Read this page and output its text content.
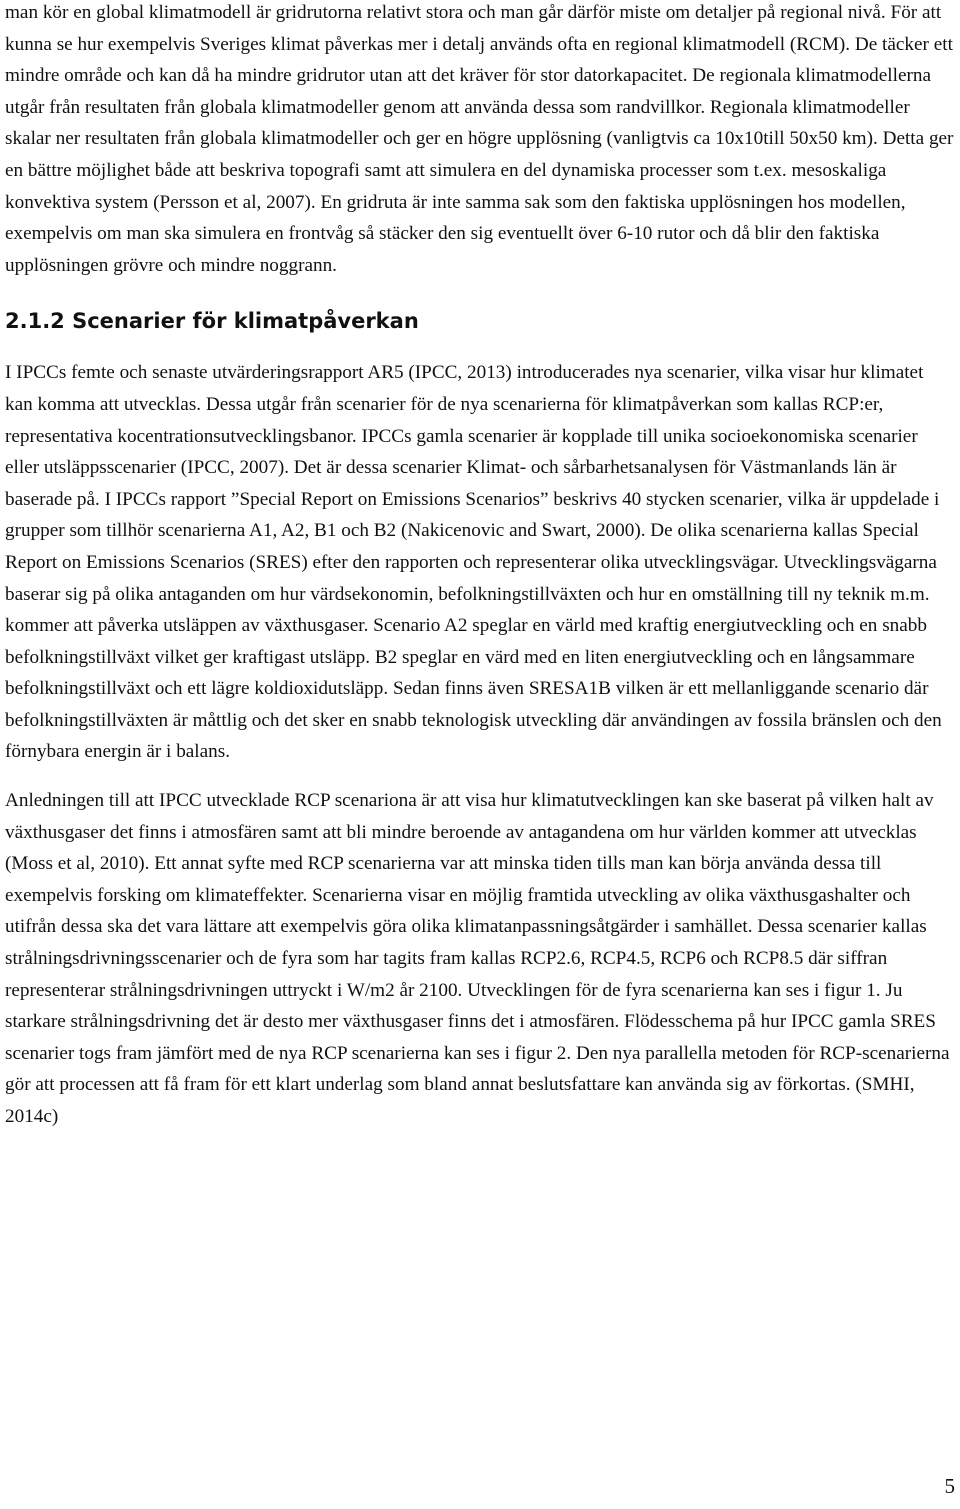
man kör en global klimatmodell är gridrutorna relativt stora och man går därför miste om detaljer på regional nivå. För att kunna se hur exempelvis Sveriges klimat påverkas mer i detalj används ofta en regional klimatmodell (RCM). De täcker ett mindre område och kan då ha mindre gridrutor utan att det kräver för stor datorkapacitet. De regionala klimatmodellerna utgår från resultaten från globala klimatmodeller genom att använda dessa som randvillkor. Regionala klimatmodeller skalar ner resultaten från globala klimatmodeller och ger en högre upplösning (vanligtvis ca 10x10till 50x50 km). Detta ger en bättre möjlighet både att beskriva topografi samt att simulera en del dynamiska processer som t.ex. mesoskaliga konvektiva system (Persson et al, 2007). En gridruta är inte samma sak som den faktiska upplösningen hos modellen, exempelvis om man ska simulera en frontvåg så stäcker den sig eventuellt över 6-10 rutor och då blir den faktiska upplösningen grövre och mindre noggrann.

2.1.2 Scenarier för klimatpåverkan

I IPCCs femte och senaste utvärderingsrapport AR5 (IPCC, 2013) introducerades nya scenarier, vilka visar hur klimatet kan komma att utvecklas. Dessa utgår från scenarier för de nya scenarierna för klimatpåverkan som kallas RCP:er, representativa kocentrationsutvecklingsbanor. IPCCs gamla scenarier är kopplade till unika socioekonomiska scenarier eller utsläppsscenarier (IPCC, 2007). Det är dessa scenarier Klimat- och sårbarhetsanalysen för Västmanlands län är baserade på. I IPCCs rapport ”Special Report on Emissions Scenarios” beskrivs 40 stycken scenarier, vilka är uppdelade i grupper som tillhör scenarierna A1, A2, B1 och B2 (Nakicenovic and Swart, 2000). De olika scenarierna kallas Special Report on Emissions Scenarios (SRES) efter den rapporten och representerar olika utvecklingsvägar. Utvecklingsvägarna baserar sig på olika antaganden om hur värdsekonomin, befolkningstillväxten och hur en omställning till ny teknik m.m. kommer att påverka utsläppen av växthusgaser. Scenario A2 speglar en värld med kraftig energiutveckling och en snabb befolkningstillväxt vilket ger kraftigast utsläpp. B2 speglar en värd med en liten energiutveckling och en långsammare befolkningstillväxt och ett lägre koldioxidutsläpp. Sedan finns även SRESA1B vilken är ett mellanliggande scenario där befolkningstillväxten är måttlig och det sker en snabb teknologisk utveckling där användingen av fossila bränslen och den förnybara energin är i balans.

Anledningen till att IPCC utvecklade RCP scenariona är att visa hur klimatutvecklingen kan ske baserat på vilken halt av växthusgaser det finns i atmosfären samt att bli mindre beroende av antagandena om hur världen kommer att utvecklas (Moss et al, 2010). Ett annat syfte med RCP scenarierna var att minska tiden tills man kan börja använda dessa till exempelvis forsking om klimateffekter. Scenarierna visar en möjlig framtida utveckling av olika växthusgashalter och utifrån dessa ska det vara lättare att exempelvis göra olika klimatanpassningsåtgärder i samhället. Dessa scenarier kallas strålningsdrivningsscenarier och de fyra som har tagits fram kallas RCP2.6, RCP4.5, RCP6 och RCP8.5 där siffran representerar strålningsdrivningen uttryckt i W/m2 år 2100. Utvecklingen för de fyra scenarierna kan ses i figur 1. Ju starkare strålningsdrivning det är desto mer växthusgaser finns det i atmosfären. Flödesschema på hur IPCC gamla SRES scenarier togs fram jämfört med de nya RCP scenarierna kan ses i figur 2. Den nya parallella metoden för RCP-scenarierna gör att processen att få fram för ett klart underlag som bland annat beslutsfattare kan använda sig av förkortas. (SMHI, 2014c)

5
